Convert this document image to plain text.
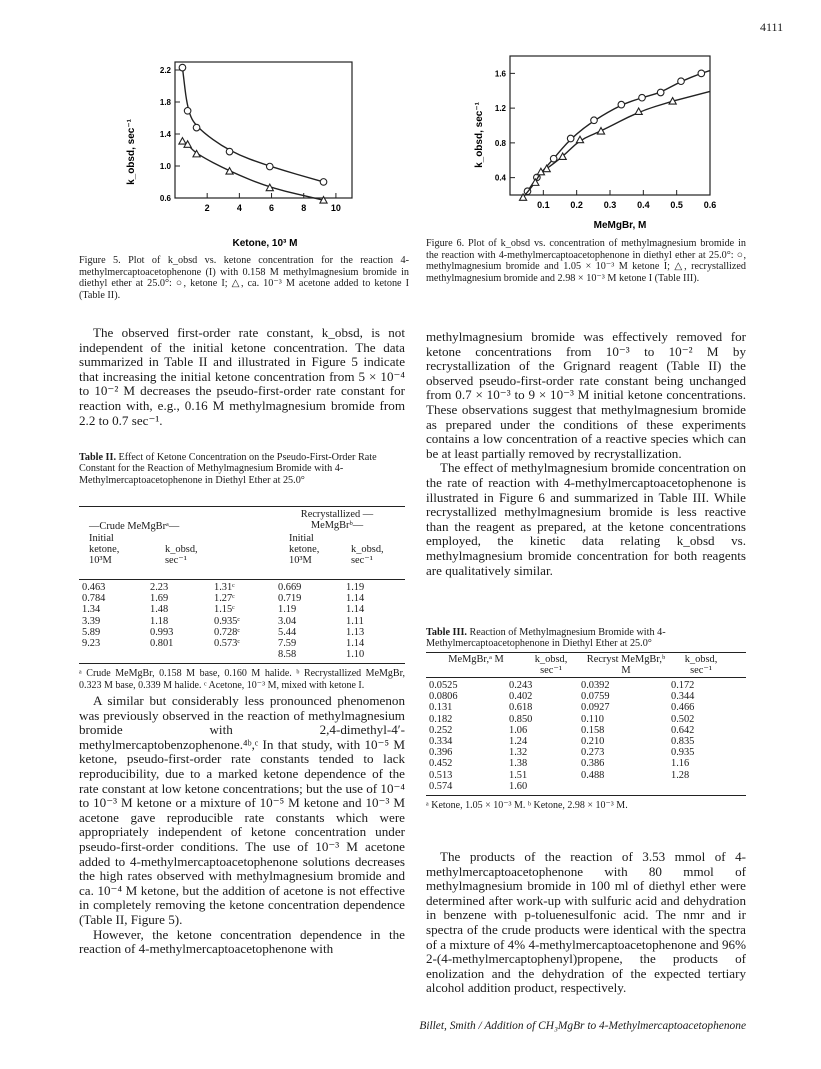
4111
2	4	6	8	10
0.6
1.0
1.4
1.8
2.2
Ketone, 10³ M
k_obsd, sec⁻¹
Figure 5. Plot of k_obsd vs. ketone concentration for the reaction 4-methylmercaptoacetophenone (I) with 0.158 M methylmagnesium bromide in diethyl ether at 25.0°: ○, ketone I; △, ca. 10⁻³ M acetone added to ketone I (Table II).
0.1 0.2 0.3 0.4 0.5 0.6
0.4
0.8
1.2
1.6
MeMgBr, M
k_obsd, sec⁻¹
Figure 6. Plot of k_obsd vs. concentration of methylmagnesium bromide in the reaction with 4-methylmercaptoacetophenone in diethyl ether at 25.0°: ○, methylmagnesium bromide and 1.05 × 10⁻³ M ketone I; △, recrystallized methylmagnesium bromide and 2.98 × 10⁻³ M ketone I (Table III).

The observed first-order rate constant, k_obsd, is not independent of the initial ketone concentration. The data summarized in Table II and illustrated in Figure 5 indicate that increasing the initial ketone concentration from 5 × 10⁻⁴ to 10⁻² M decreases the pseudo-first-order rate constant for reaction with, e.g., 0.16 M methylmagnesium bromide from 2.2 to 0.7 sec⁻¹.

Table II. Effect of Ketone Concentration on the Pseudo-First-Order Rate Constant for the Reaction of Methylmagnesium Bromide with 4-Methylmercaptoacetophenone in Diethyl Ether at 25.0°
—Crude MeMgBrᵃ—
Recrystallized —MeMgBrᵇ—
Initial ketone, 10³M
k_obsd, sec⁻¹
Initial ketone, 10³M
k_obsd, sec⁻¹
0.463	2.23	1.31ᶜ	0.669	1.19
0.784	1.69	1.27ᶜ	0.719	1.14
1.34	1.48	1.15ᶜ	1.19	1.14
3.39	1.18	0.935ᶜ	3.04	1.11
5.89	0.993	0.728ᶜ	5.44	1.13
9.23	0.801	0.573ᶜ	7.59	1.14
			8.58	1.10
ᵃ Crude MeMgBr, 0.158 M base, 0.160 M halide. ᵇ Recrystallized MeMgBr, 0.323 M base, 0.339 M halide. ᶜ Acetone, 10⁻³ M, mixed with ketone I.

A similar but considerably less pronounced phenomenon was previously observed in the reaction of methylmagnesium bromide with 2,4-dimethyl-4′-methylmercaptobenzophenone.⁴ᵇ,ᶜ In that study, with 10⁻⁵ M ketone, pseudo-first-order rate constants tended to lack reproducibility, due to a marked ketone dependence of the rate constant at low ketone concentrations; but the use of 10⁻⁴ to 10⁻³ M ketone or a mixture of 10⁻⁵ M ketone and 10⁻³ M acetone gave reproducible rate constants which were appropriately independent of ketone concentration under pseudo-first-order conditions. The use of 10⁻³ M acetone added to 4-methylmercaptoacetophenone solutions decreases the high rates observed with methylmagnesium bromide and ca. 10⁻⁴ M ketone, but the addition of acetone is not effective in completely removing the ketone concentration dependence (Table II, Figure 5).

However, the ketone concentration dependence in the reaction of 4-methylmercaptoacetophenone with

methylmagnesium bromide was effectively removed for ketone concentrations from 10⁻³ to 10⁻² M by recrystallization of the Grignard reagent (Table II) the observed pseudo-first-order rate constant being unchanged from 0.7 × 10⁻³ to 9 × 10⁻³ M initial ketone concentrations. These observations suggest that methylmagnesium bromide as prepared under the conditions of these experiments contains a low concentration of a reactive species which can be at least partially removed by recrystallization.

The effect of methylmagnesium bromide concentration on the rate of reaction with 4-methylmercaptoacetophenone is illustrated in Figure 6 and summarized in Table III. While recrystallized methylmagnesium bromide is less reactive than the reagent as prepared, at the ketone concentrations employed, the kinetic data relating k_obsd vs. methylmagnesium bromide concentration for both reagents are qualitatively similar.

Table III. Reaction of Methylmagnesium Bromide with 4-Methylmercaptoacetophenone in Diethyl Ether at 25.0°
MeMgBr,ᵃ M	k_obsd, sec⁻¹
Recryst MeMgBr,ᵇ M
k_obsd, sec⁻¹
0.0525	0.243	0.0392	0.172
0.0806	0.402	0.0759	0.344
0.131	0.618	0.0927	0.466
0.182	0.850	0.110	0.502
0.252	1.06	0.158	0.642
0.334	1.24	0.210	0.835
0.396	1.32	0.273	0.935
0.452	1.38	0.386	1.16
0.513	1.51	0.488	1.28
0.574	1.60		
ᵃ Ketone, 1.05 × 10⁻³ M. ᵇ Ketone, 2.98 × 10⁻³ M.

The products of the reaction of 3.53 mmol of 4-methylmercaptoacetophenone with 80 mmol of methylmagnesium bromide in 100 ml of diethyl ether were determined after work-up with sulfuric acid and dehydration in benzene with p-toluenesulfonic acid. The nmr and ir spectra of the crude products were identical with the spectra of a mixture of 4% 4-methylmercaptoacetophenone and 96% 2-(4-methylmercaptophenyl)propene, the products of enolization and the dehydration of the expected tertiary alcohol addition product, respectively.

Billet, Smith / Addition of CH₃MgBr to 4-Methylmercaptoacetophenone
